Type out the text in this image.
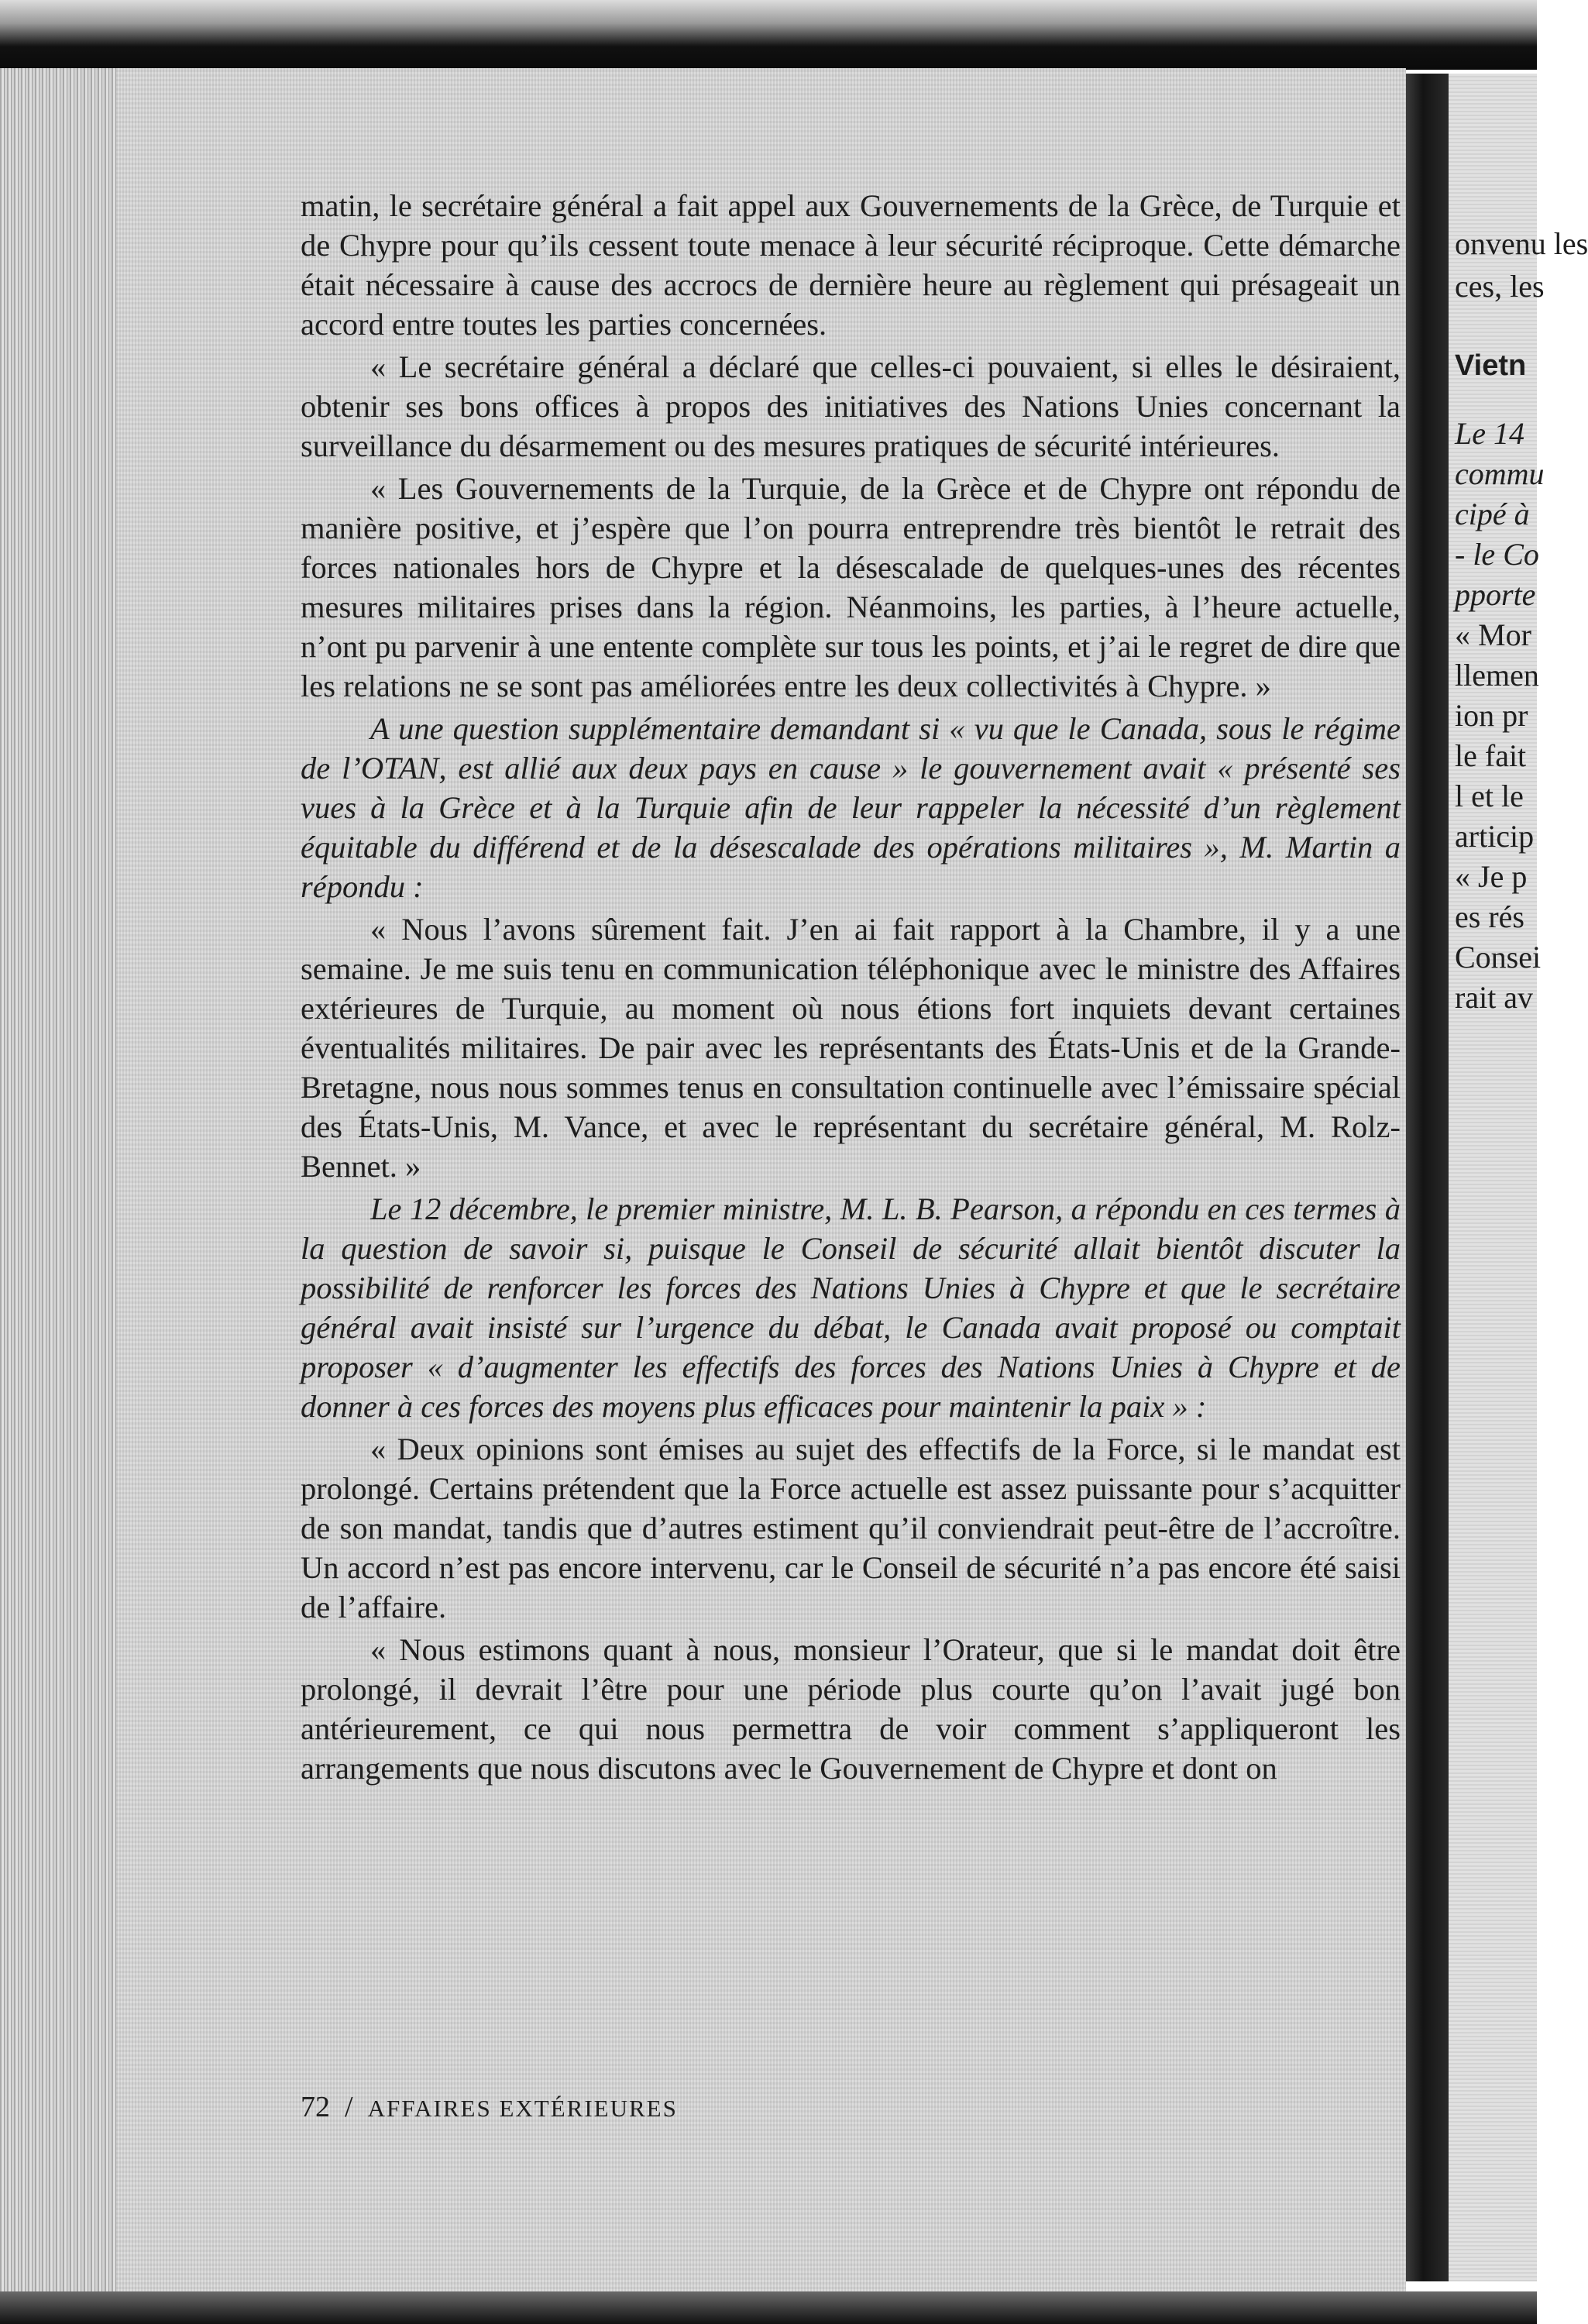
matin, le secrétaire général a fait appel aux Gouvernements de la Grèce, de Turquie et de Chypre pour qu’ils cessent toute menace à leur sécurité réciproque. Cette démarche était nécessaire à cause des accrocs de dernière heure au règlement qui présageait un accord entre toutes les parties concernées.

« Le secrétaire général a déclaré que celles-ci pouvaient, si elles le désiraient, obtenir ses bons offices à propos des initiatives des Nations Unies concernant la surveillance du désarmement ou des mesures pratiques de sécurité intérieures.

« Les Gouvernements de la Turquie, de la Grèce et de Chypre ont répondu de manière positive, et j’espère que l’on pourra entreprendre très bientôt le retrait des forces nationales hors de Chypre et la désescalade de quelques-unes des récentes mesures militaires prises dans la région. Néanmoins, les parties, à l’heure actuelle, n’ont pu parvenir à une entente complète sur tous les points, et j’ai le regret de dire que les relations ne se sont pas améliorées entre les deux collectivités à Chypre. »

A une question supplémentaire demandant si « vu que le Canada, sous le régime de l’OTAN, est allié aux deux pays en cause » le gouvernement avait « présenté ses vues à la Grèce et à la Turquie afin de leur rappeler la nécessité d’un règlement équitable du différend et de la désescalade des opérations militaires », M. Martin a répondu :

« Nous l’avons sûrement fait. J’en ai fait rapport à la Chambre, il y a une semaine. Je me suis tenu en communication téléphonique avec le ministre des Affaires extérieures de Turquie, au moment où nous étions fort inquiets devant certaines éventualités militaires. De pair avec les représentants des États-Unis et de la Grande-Bretagne, nous nous sommes tenus en consultation continuelle avec l’émissaire spécial des États-Unis, M. Vance, et avec le représentant du secrétaire général, M. Rolz-Bennet. »

Le 12 décembre, le premier ministre, M. L. B. Pearson, a répondu en ces termes à la question de savoir si, puisque le Conseil de sécurité allait bientôt discuter la possibilité de renforcer les forces des Nations Unies à Chypre et que le secrétaire général avait insisté sur l’urgence du débat, le Canada avait proposé ou comptait proposer « d’augmenter les effectifs des forces des Nations Unies à Chypre et de donner à ces forces des moyens plus efficaces pour maintenir la paix » :

« Deux opinions sont émises au sujet des effectifs de la Force, si le mandat est prolongé. Certains prétendent que la Force actuelle est assez puissante pour s’acquitter de son mandat, tandis que d’autres estiment qu’il conviendrait peut-être de l’accroître. Un accord n’est pas encore intervenu, car le Conseil de sécurité n’a pas encore été saisi de l’affaire.

« Nous estimons quant à nous, monsieur l’Orateur, que si le mandat doit être prolongé, il devrait l’être pour une période plus courte qu’on l’avait jugé bon antérieurement, ce qui nous permettra de voir comment s’appliqueront les arrangements que nous discutons avec le Gouvernement de Chypre et dont on

72 / AFFAIRES EXTÉRIEURES
onvenu les
ces, les
Vietn
Le 14
commu
cipé à
- le Co
pporte
« Mor
llemen
ion pr
le fait
l et le
articip
« Je p
es rés
Consei
rait av
